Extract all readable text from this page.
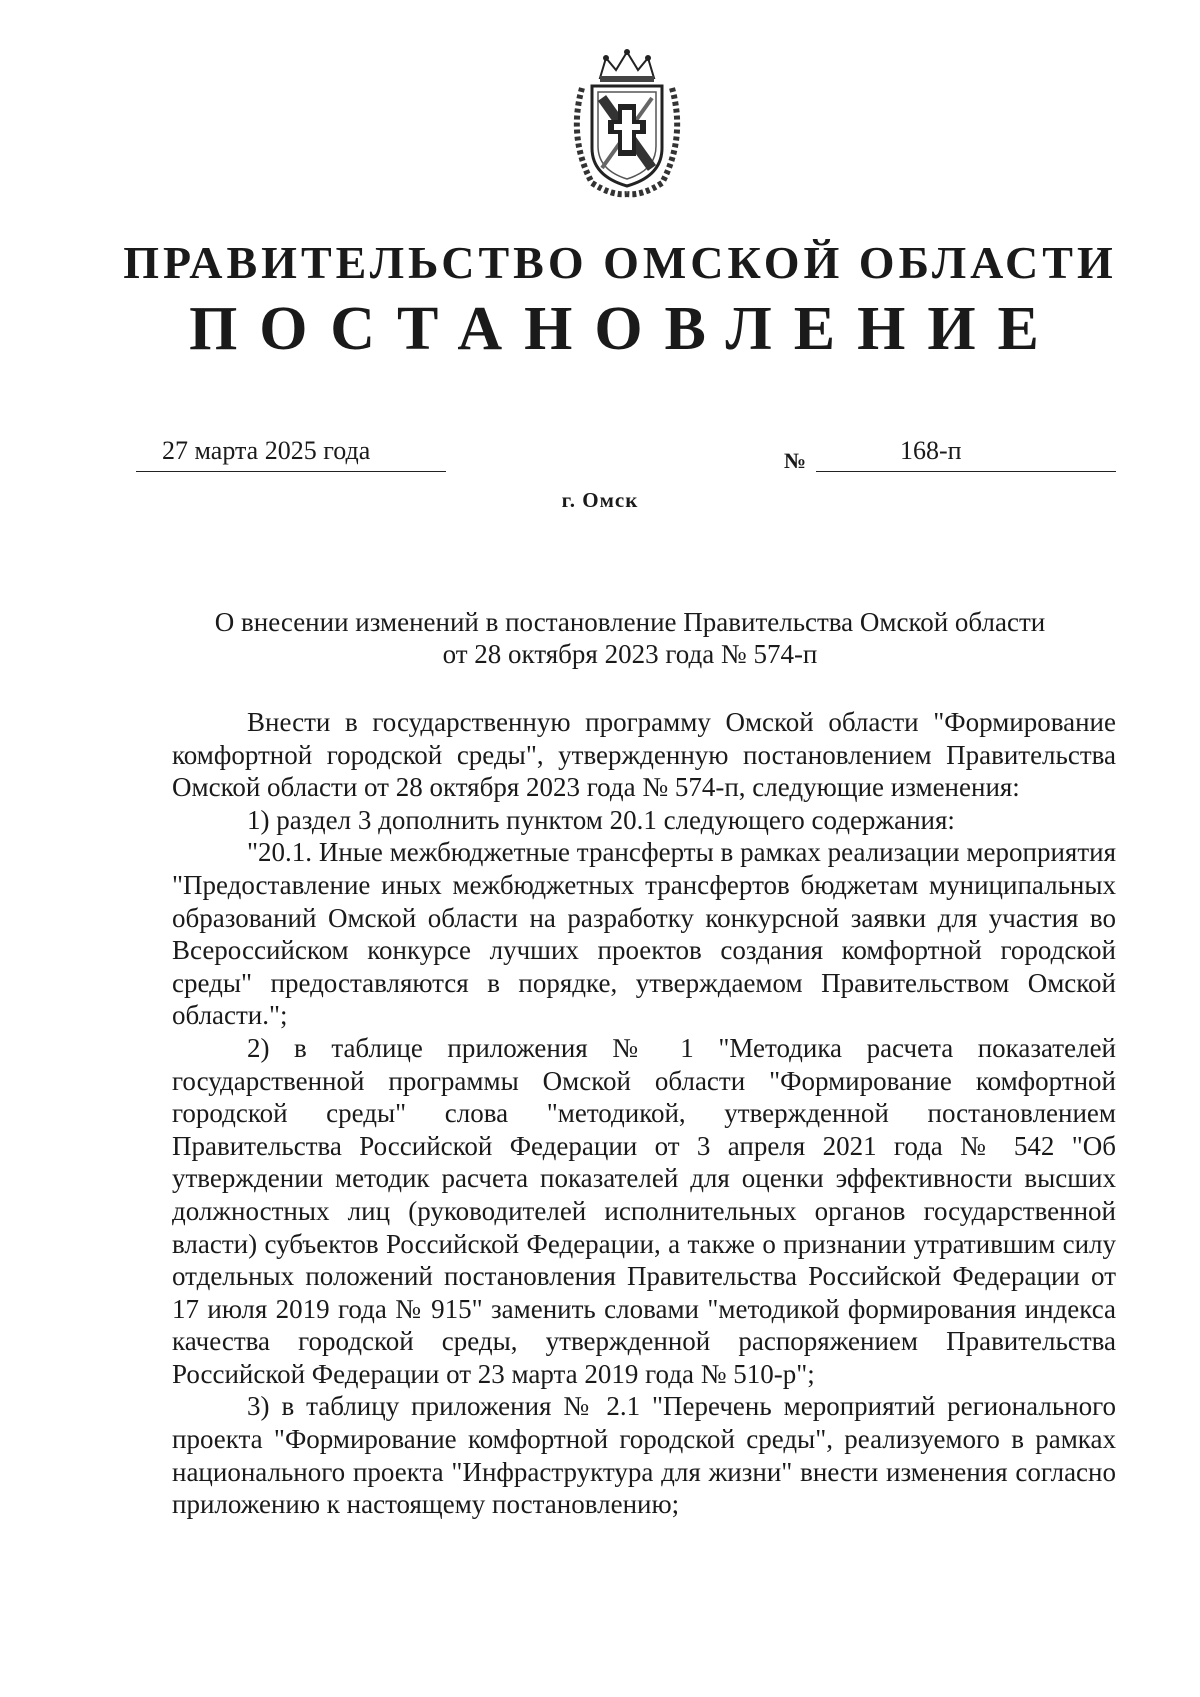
ПРАВИТЕЛЬСТВО ОМСКОЙ ОБЛАСТИ
ПОСТАНОВЛЕНИЕ
27 марта 2025 года	№	168-п
г. Омск
О внесении изменений в постановление Правительства Омской области
от 28 октября 2023 года № 574-п

Внести в государственную программу Омской области "Формирование комфортной городской среды", утвержденную постановлением Правительства Омской области от 28 октября 2023 года № 574-п, следующие изменения:

1) раздел 3 дополнить пунктом 20.1 следующего содержания:

"20.1. Иные межбюджетные трансферты в рамках реализации мероприятия "Предоставление иных межбюджетных трансфертов бюджетам муниципальных образований Омской области на разработку конкурсной заявки для участия во Всероссийском конкурсе лучших проектов создания комфортной городской среды" предоставляются в порядке, утверждаемом Правительством Омской области.";

2) в таблице приложения № 1 "Методика расчета показателей государственной программы Омской области "Формирование комфортной городской среды" слова "методикой, утвержденной постановлением Правительства Российской Федерации от 3 апреля 2021 года № 542 "Об утверждении методик расчета показателей для оценки эффективности высших должностных лиц (руководителей исполнительных органов государственной власти) субъектов Российской Федерации, а также о признании утратившим силу отдельных положений постановления Правительства Российской Федерации от 17 июля 2019 года № 915" заменить словами "методикой формирования индекса качества городской среды, утвержденной распоряжением Правительства Российской Федерации от 23 марта 2019 года № 510-р";

3) в таблицу приложения № 2.1 "Перечень мероприятий регионального проекта "Формирование комфортной городской среды", реализуемого в рамках национального проекта "Инфраструктура для жизни" внести изменения согласно приложению к настоящему постановлению;
